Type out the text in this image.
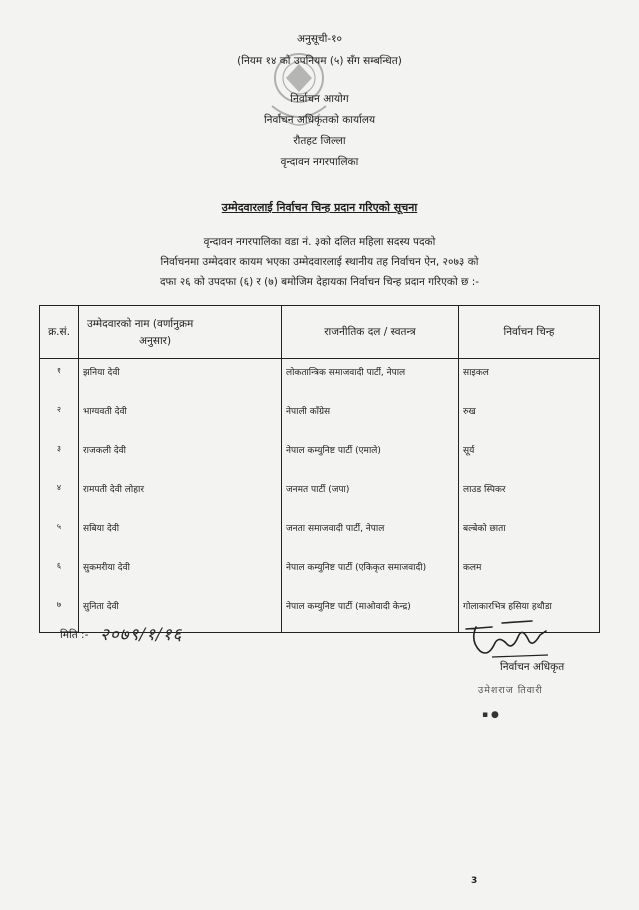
अनुसूची-१०
(नियम १४ को उपनियम (५) सँग सम्बन्धित)
निर्वाचन आयोग
निर्वाचन अधिकृतको कार्यालय
रौतहट जिल्ला
वृन्दावन नगरपालिका
उम्मेदवारलाई निर्वाचन चिन्ह प्रदान गरिएको सूचना
वृन्दावन नगरपालिका वडा नं. ३को दलित महिला सदस्य पदको
निर्वाचनमा उम्मेदवार कायम भएका उम्मेदवारलाई स्थानीय तह निर्वाचन ऐन, २०७३ को
दफा २६ को उपदफा (६) र (७) बमोजिम देहायका निर्वाचन चिन्ह प्रदान गरिएको छ :-
क्र.सं.	उम्मेदवारको नाम (वर्णानुक्रम
अनुसार)	राजनीतिक दल / स्वतन्त्र	निर्वाचन चिन्ह
१	झनिया देवी	लोकतान्त्रिक समाजवादी पार्टी, नेपाल	साइकल
२	भाग्यवती देवी	नेपाली काँग्रेस	रुख
३	राजकली देवी	नेपाल कम्युनिष्ट पार्टी (एमाले)	सूर्य
४	रामपती देवी लोहार	जनमत पार्टी (जपा)	लाउड स्पिकर
५	सबिया देवी	जनता समाजवादी पार्टी, नेपाल	बल्बेको छाता
६	सुकमरीया देवी	नेपाल कम्युनिष्ट पार्टी (एकिकृत समाजवादी)	कलम
७	सुनिता देवी	नेपाल कम्युनिष्ट पार्टी (माओवादी केन्द्र)	गोलाकारभित्र हसिया हथौडा
मिति :- २०७९/१/१६
निर्वाचन अधिकृत
उमेशराज तिवारी
▪ ●
3
